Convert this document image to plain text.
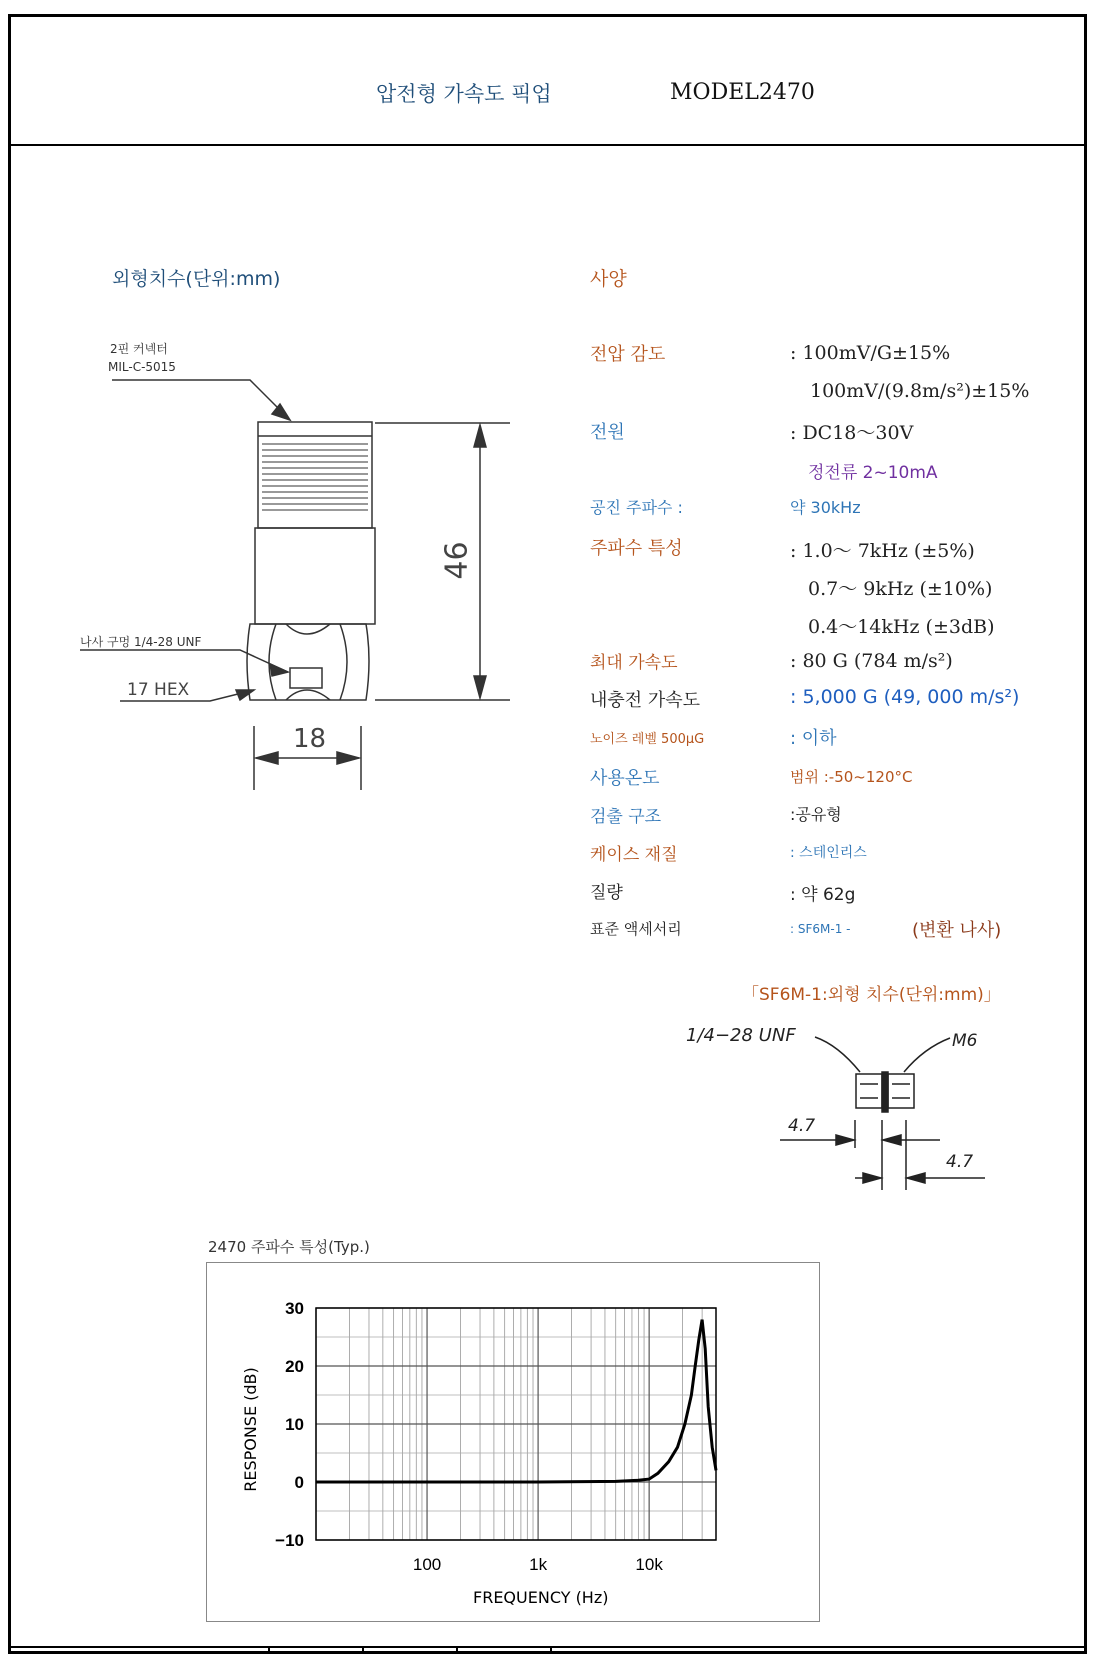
압전형 가속도 픽업	MODEL2470
외형치수(단위:mm)
2핀 커넥터
MIL-C-5015
나사 구멍 1/4-28 UNF
17 HEX
46
18
사양
전압 감도	: 100mV/G±15%
100mV/(9.8m/s²)±15%
전원	: DC18～30V
정전류 2~10mA
공진 주파수 :	약 30kHz
주파수 특성	: 1.0～ 7kHz (±5%)
0.7～ 9kHz (±10%)
0.4～14kHz (±3dB)
최대 가속도	: 80 G (784 m/s²)
내충전 가속도	: 5,000 G (49, 000 m/s²)
노이즈 레벨 500μG	: 이하
사용온도	범위 :-50~120°C
검출 구조	:공유형
케이스 재질	: 스테인리스
질량	: 약 62g
표준 액세서리	: SF6M-1 -	(변환 나사)
「SF6M-1:외형 치수(단위:mm)」
1/4−28 UNF	M6
4.7
4.7
2470 주파수 특성(Typ.)
30
20
10
0
−10
100	1k	10k
FREQUENCY (Hz)
RESPONSE (dB)
